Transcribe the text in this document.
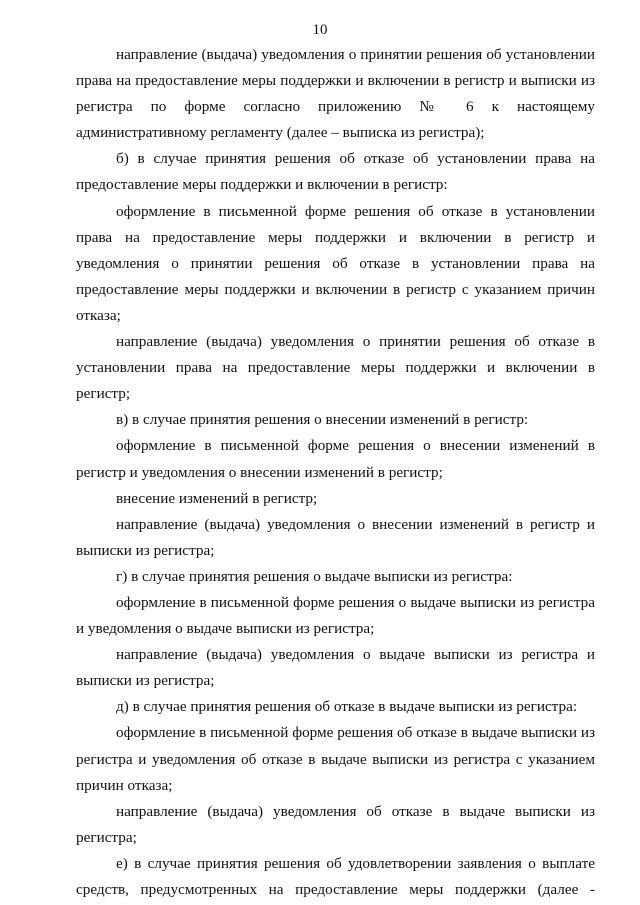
10

направление (выдача) уведомления о принятии решения об установлении права на предоставление меры поддержки и включении в регистр и выписки из регистра по форме согласно приложению № 6 к настоящему административному регламенту (далее – выписка из регистра);

б) в случае принятия решения об отказе об установлении права на предоставление меры поддержки и включении в регистр:

оформление в письменной форме решения об отказе в установлении права на предоставление меры поддержки и включении в регистр и уведомления о принятии решения об отказе в установлении права на предоставление меры поддержки и включении в регистр с указанием причин отказа;

направление (выдача) уведомления о принятии решения об отказе в установлении права на предоставление меры поддержки и включении в регистр;

в) в случае принятия решения о внесении изменений в регистр:

оформление в письменной форме решения о внесении изменений в регистр и уведомления о внесении изменений в регистр;

внесение изменений в регистр;

направление (выдача) уведомления о внесении изменений в регистр и выписки из регистра;

г) в случае принятия решения о выдаче выписки из регистра:

оформление в письменной форме решения о выдаче выписки из регистра и уведомления о выдаче выписки из регистра;

направление (выдача) уведомления о выдаче выписки из регистра и выписки из регистра;

д) в случае принятия решения об отказе в выдаче выписки из регистра:

оформление в письменной форме решения об отказе в выдаче выписки из регистра и уведомления об отказе в выдаче выписки из регистра с указанием причин отказа;

направление (выдача) уведомления об отказе в выдаче выписки из регистра;

е) в случае принятия решения об удовлетворении заявления о выплате средств, предусмотренных на предоставление меры поддержки (далее -
